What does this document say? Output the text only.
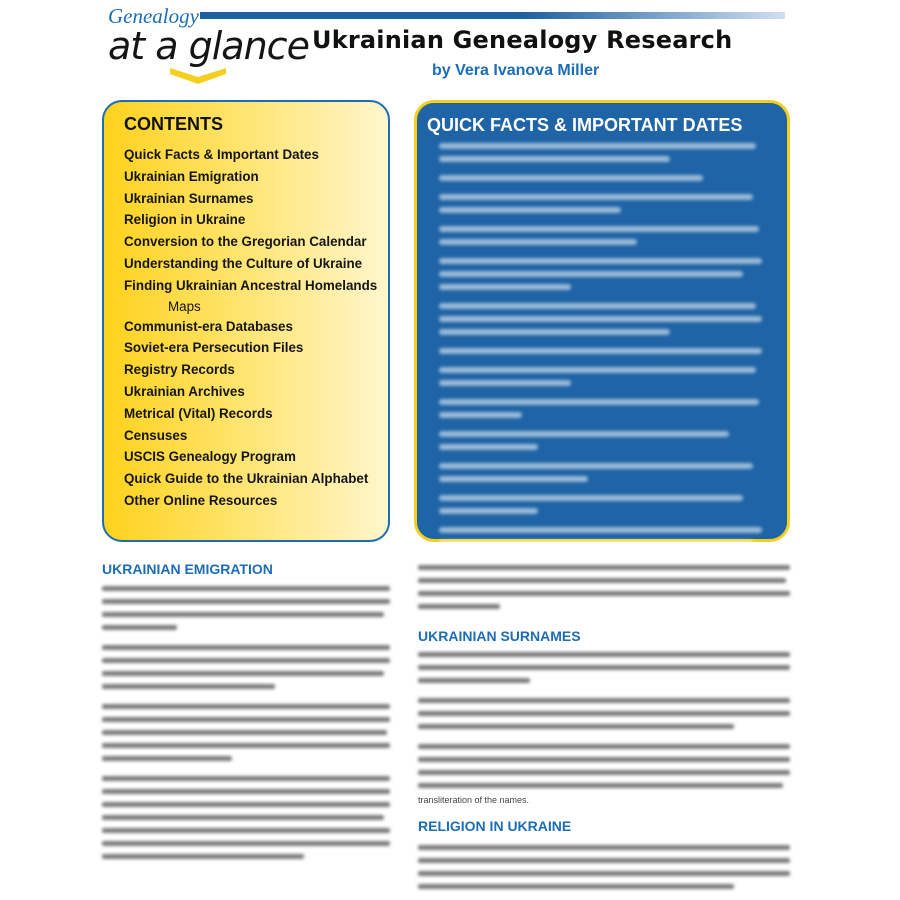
Genealogy
at a glance Ukrainian Genealogy Research
by Vera Ivanova Miller
CONTENTS
Quick Facts & Important Dates
Ukrainian Emigration
Ukrainian Surnames
Religion in Ukraine
Conversion to the Gregorian Calendar
Understanding the Culture of Ukraine
Finding Ukrainian Ancestral Homelands
Maps
Communist-era Databases
Soviet-era Persecution Files
Registry Records
Ukrainian Archives
Metrical (Vital) Records
Censuses
USCIS Genealogy Program
Quick Guide to the Ukrainian Alphabet
Other Online Resources
QUICK FACTS & IMPORTANT DATES
UKRAINIAN EMIGRATION
UKRAINIAN SURNAMES
transliteration of the names.
RELIGION IN UKRAINE
